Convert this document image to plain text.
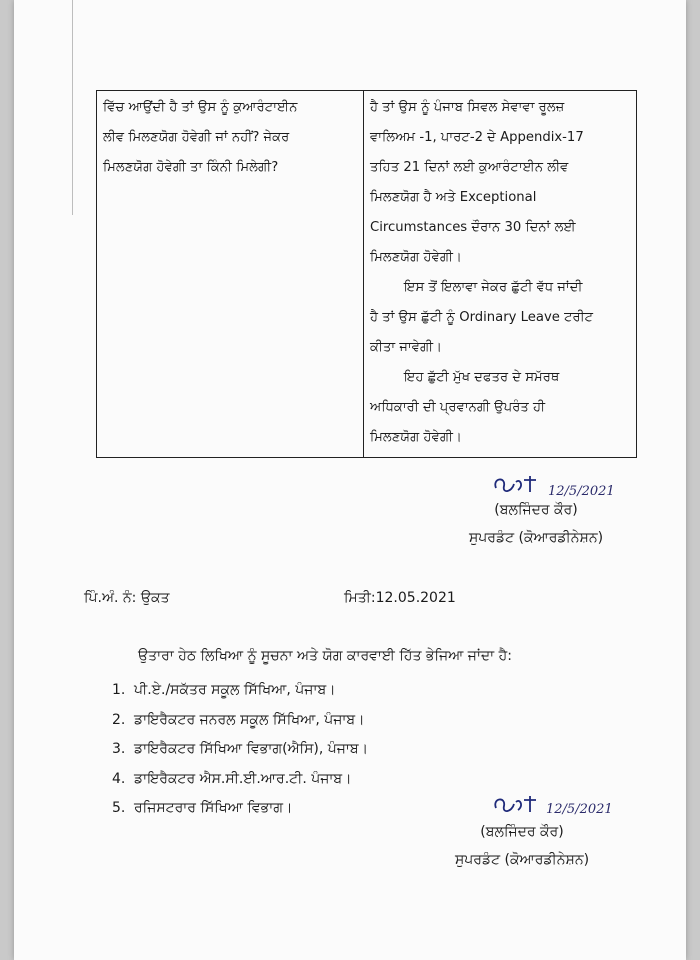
ਵਿੱਚ ਆਉਂਦੀ ਹੈ ਤਾਂ ਉਸ ਨੂੰ ਕੁਆਰੰਟਾਈਨ
ਲੀਵ ਮਿਲਣਯੋਗ ਹੋਵੇਗੀ ਜਾਂ ਨਹੀਂ? ਜੇਕਰ
ਮਿਲਣਯੋਗ ਹੋਵੇਗੀ ਤਾ ਕਿੰਨੀ ਮਿਲੇਗੀ?

ਹੈ ਤਾਂ ਉਸ ਨੂੰ ਪੰਜਾਬ ਸਿਵਲ ਸੇਵਾਵਾ ਰੂਲਜ਼
ਵਾਲਿਅਮ -1, ਪਾਰਟ-2 ਦੇ Appendix-17
ਤਹਿਤ 21 ਦਿਨਾਂ ਲਈ ਕੁਆਰੰਟਾਈਨ ਲੀਵ
ਮਿਲਣਯੋਗ ਹੈ ਅਤੇ Exceptional
Circumstances ਦੌਰਾਨ 30 ਦਿਨਾਂ ਲਈ
ਮਿਲਣਯੋਗ ਹੋਵੇਗੀ।
ਇਸ ਤੋਂ ਇਲਾਵਾ ਜੇਕਰ ਛੁੱਟੀ ਵੱਧ ਜਾਂਦੀ
ਹੈ ਤਾਂ ਉਸ ਛੁੱਟੀ ਨੂੰ Ordinary Leave ਟਰੀਟ
ਕੀਤਾ ਜਾਵੇਗੀ।
ਇਹ ਛੁੱਟੀ ਮੁੱਖ ਦਫਤਰ ਦੇ ਸਮੱਰਥ
ਅਧਿਕਾਰੀ ਦੀ ਪ੍ਰਵਾਨਗੀ ਉਪਰੰਤ ਹੀ
ਮਿਲਣਯੋਗ ਹੋਵੇਗੀ।
12/5/2021
(ਬਲਜਿੰਦਰ ਕੌਰ)
ਸੁਪਰਡੰਟ (ਕੋਆਰਡੀਨੇਸ਼ਨ)
ਪਿੰ.ਅੰ. ਨੰ: ਉਕਤ	ਮਿਤੀ:12.05.2021
ਉਤਾਰਾ ਹੇਠ ਲਿਖਿਆ ਨੂੰ ਸੂਚਨਾ ਅਤੇ ਯੋਗ ਕਾਰਵਾਈ ਹਿੱਤ ਭੇਜਿਆ ਜਾਂਦਾ ਹੈ:
1. ਪੀ.ਏ./ਸਕੱਤਰ ਸਕੂਲ ਸਿੱਖਿਆ, ਪੰਜਾਬ।
2. ਡਾਇਰੈਕਟਰ ਜਨਰਲ ਸਕੂਲ ਸਿੱਖਿਆ, ਪੰਜਾਬ।
3. ਡਾਇਰੈਕਟਰ ਸਿੱਖਿਆ ਵਿਭਾਗ(ਐਸਿ), ਪੰਜਾਬ।
4. ਡਾਇਰੈਕਟਰ ਐਸ.ਸੀ.ਈ.ਆਰ.ਟੀ. ਪੰਜਾਬ।
5. ਰਜਿਸਟਰਾਰ ਸਿੱਖਿਆ ਵਿਭਾਗ।	12/5/2021
(ਬਲਜਿੰਦਰ ਕੌਰ)
ਸੁਪਰਡੰਟ (ਕੋਆਰਡੀਨੇਸ਼ਨ)
